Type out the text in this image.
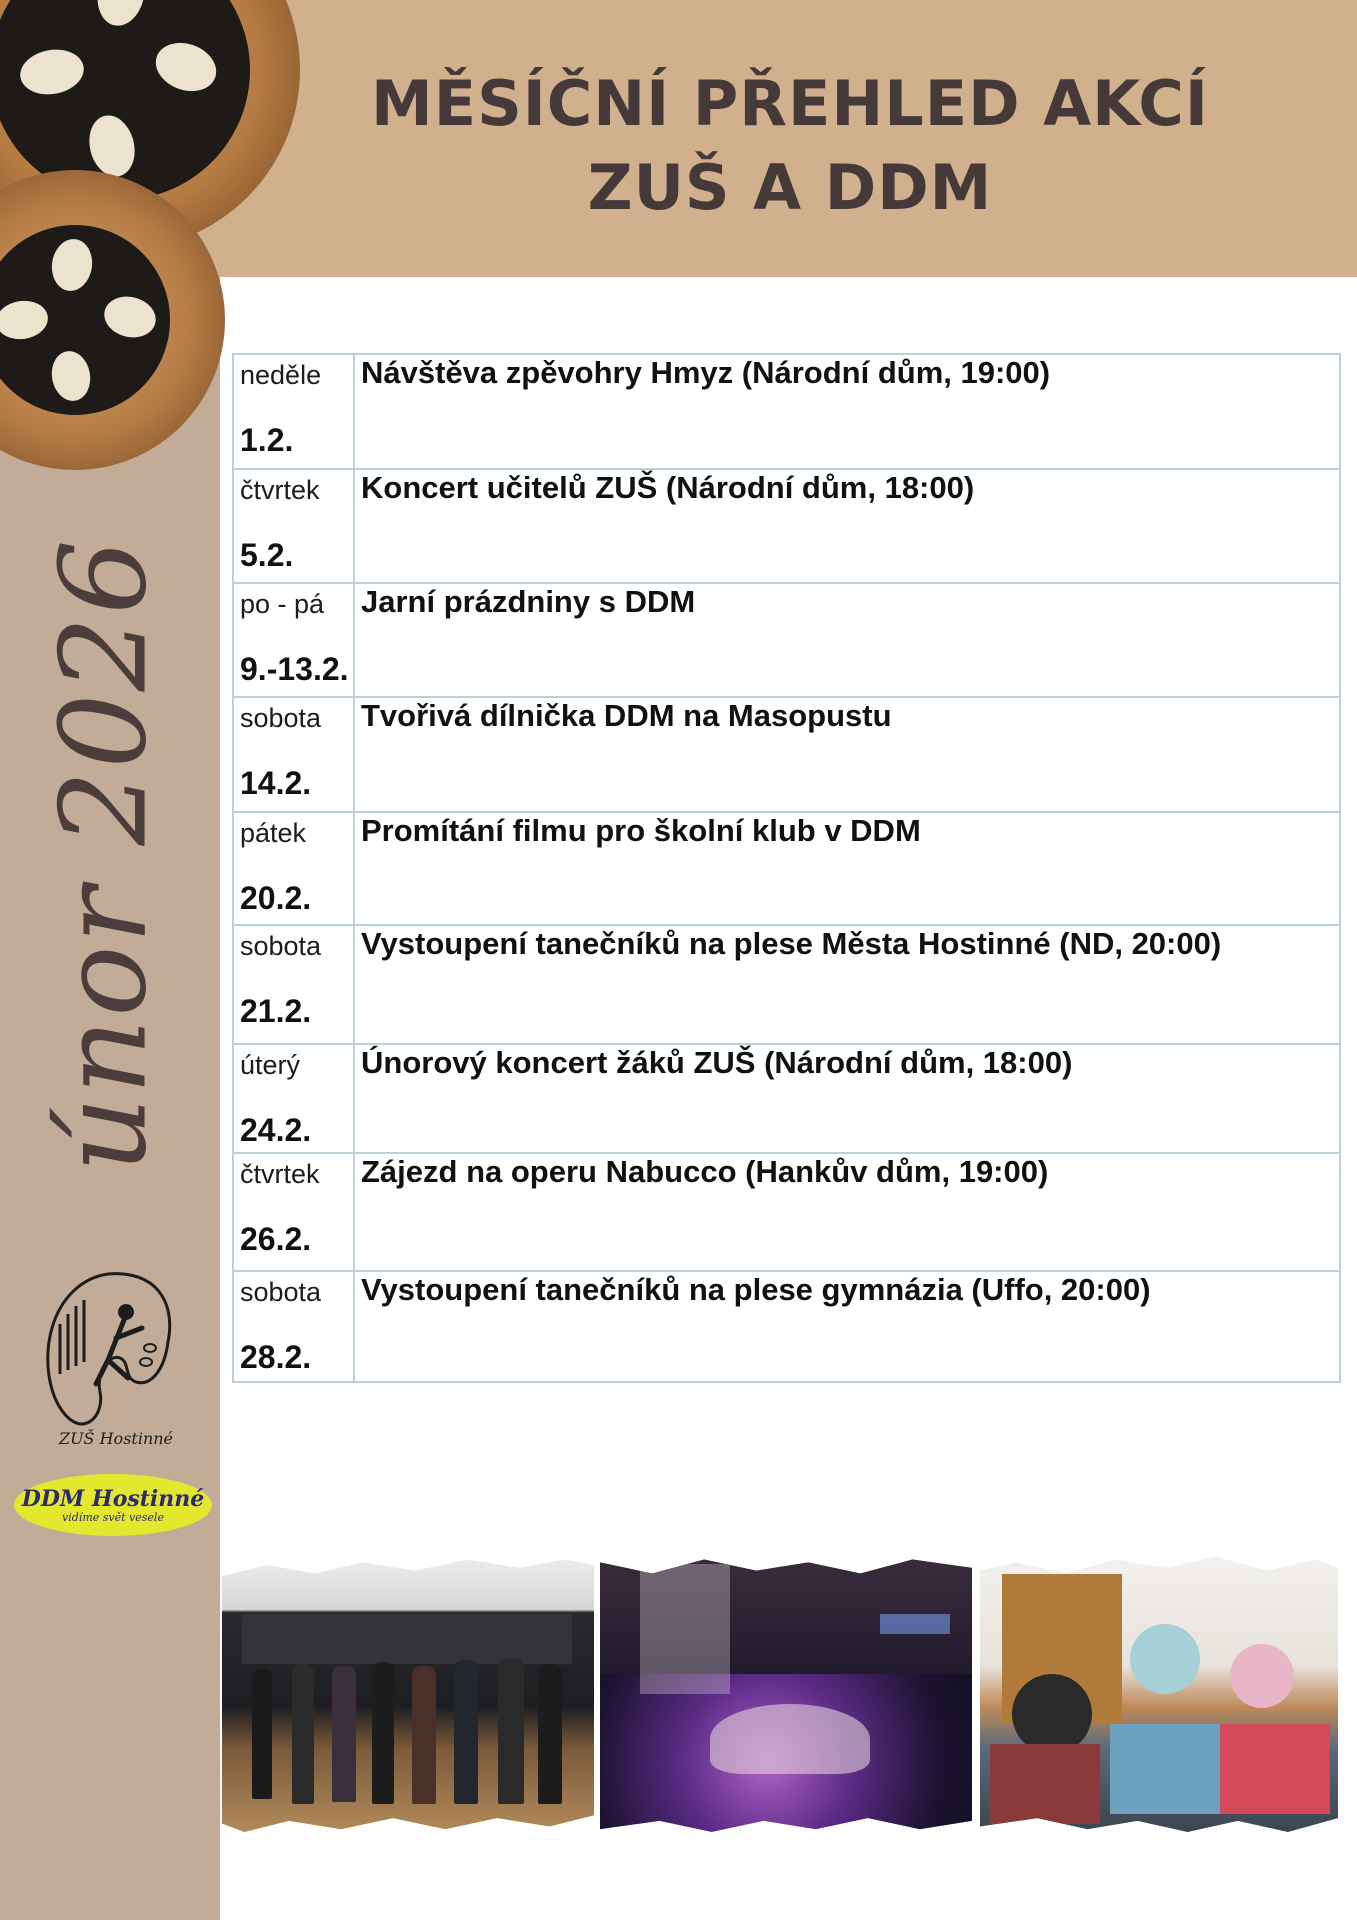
MĚSÍČNÍ PŘEHLED AKCÍ
ZUŠ A DDM
únor 2026
ZUŠ Hostinné
DDM Hostinné
vidíme svět vesele
neděle
1.2.	Návštěva zpěvohry Hmyz (Národní dům, 19:00)

čtvrtek
5.2.	Koncert učitelů ZUŠ (Národní dům, 18:00)

po - pá
9.-13.2.	Jarní prázdniny s DDM

sobota
14.2.	Tvořivá dílnička DDM na Masopustu

pátek
20.2.	Promítání filmu pro školní klub v DDM

sobota
21.2.	Vystoupení tanečníků na plese Města Hostinné (ND, 20:00)

úterý
24.2.	Únorový koncert žáků ZUŠ (Národní dům, 18:00)

čtvrtek
26.2.	Zájezd na operu Nabucco (Hankův dům, 19:00)

sobota
28.2.	Vystoupení tanečníků na plese gymnázia (Uffo, 20:00)
